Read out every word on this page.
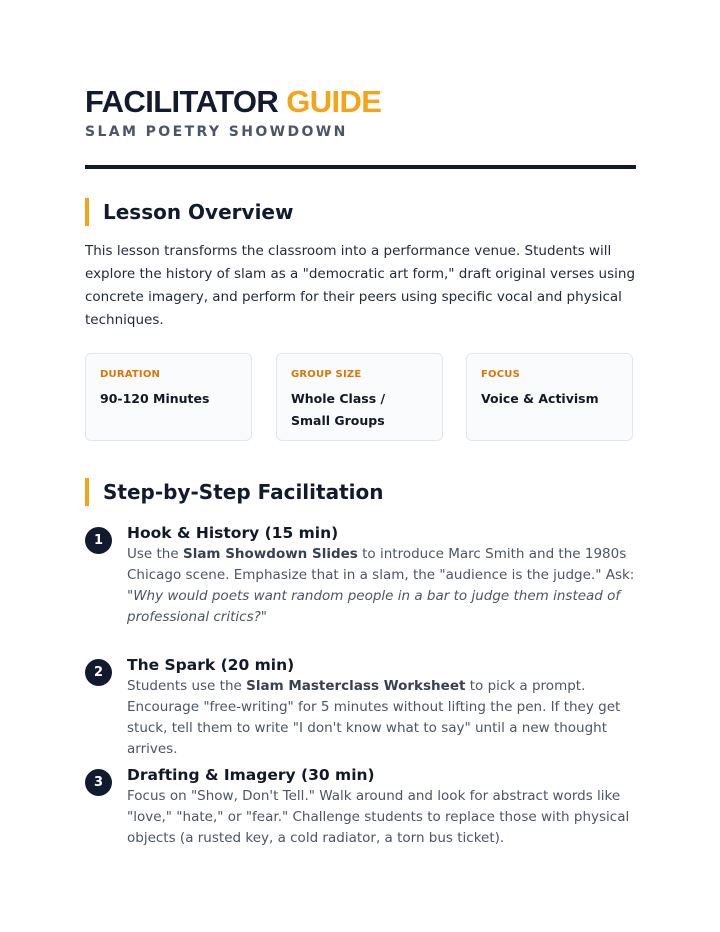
FACILITATOR GUIDE
SLAM POETRY SHOWDOWN
Lesson Overview
This lesson transforms the classroom into a performance venue. Students will explore the history of slam as a "democratic art form," draft original verses using concrete imagery, and perform for their peers using specific vocal and physical techniques.
DURATION
90-120 Minutes
GROUP SIZE
Whole Class / Small Groups
FOCUS
Voice & Activism
Step-by-Step Facilitation
1	Hook & History (15 min)
Use the Slam Showdown Slides to introduce Marc Smith and the 1980s Chicago scene. Emphasize that in a slam, the "audience is the judge." Ask: "Why would poets want random people in a bar to judge them instead of professional critics?"
2	The Spark (20 min)
Students use the Slam Masterclass Worksheet to pick a prompt. Encourage "free-writing" for 5 minutes without lifting the pen. If they get stuck, tell them to write "I don't know what to say" until a new thought arrives.
3	Drafting & Imagery (30 min)
Focus on "Show, Don't Tell." Walk around and look for abstract words like "love," "hate," or "fear." Challenge students to replace those with physical objects (a rusted key, a cold radiator, a torn bus ticket).
